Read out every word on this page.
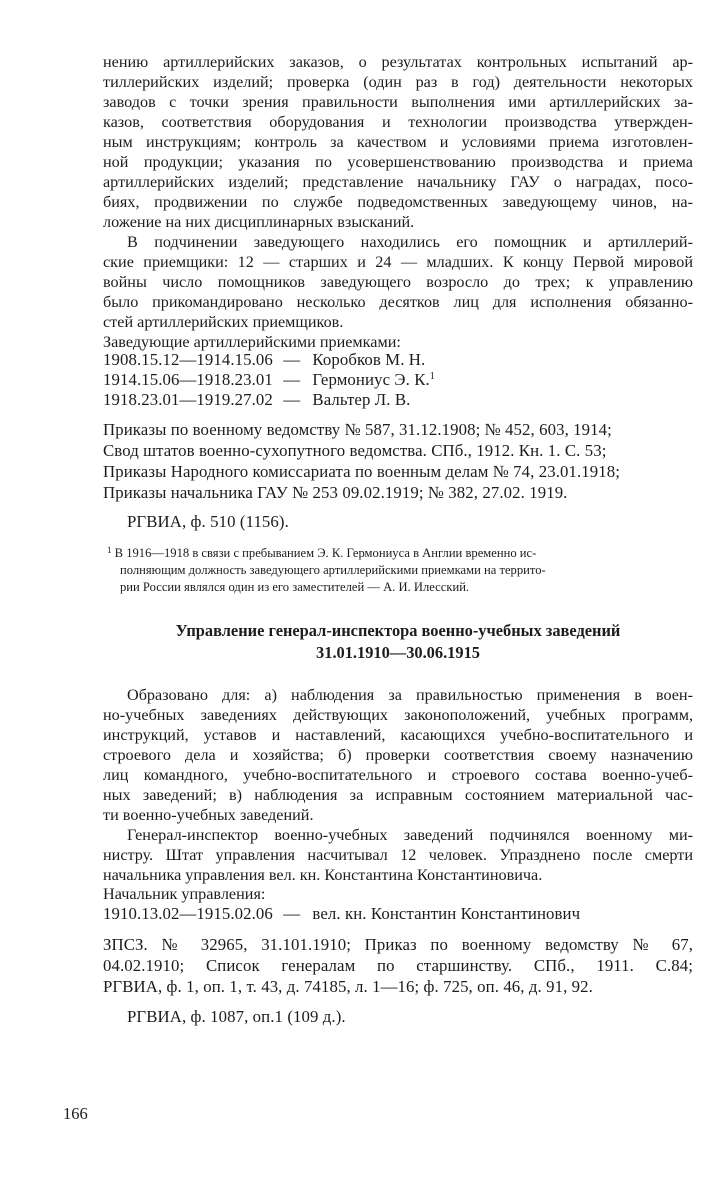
нению артиллерийских заказов, о результатах контрольных испытаний ар-
тиллерийских изделий; проверка (один раз в год) деятельности некоторых
заводов с точки зрения правильности выполнения ими артиллерийских за-
казов, соответствия оборудования и технологии производства утвержден-
ным инструкциям; контроль за качеством и условиями приема изготовлен-
ной продукции; указания по усовершенствованию производства и приема
артиллерийских изделий; представление начальнику ГАУ о наградах, посо-
биях, продвижении по службе подведомственных заведующему чинов, на-
ложение на них дисциплинарных взысканий.
В подчинении заведующего находились его помощник и артиллерий-
ские приемщики: 12 — старших и 24 — младших. К концу Первой мировой
войны число помощников заведующего возросло до трех; к управлению
было прикомандировано несколько десятков лиц для исполнения обязанно-
стей артиллерийских приемщиков.
Заведующие артиллерийскими приемками:
1908.15.12—1914.15.06 — Коробков М. Н.
1914.15.06—1918.23.01 — Гермониус Э. К.$^1$
1918.23.01—1919.27.02 — Вальтер Л. В.
Приказы по военному ведомству № 587, 31.12.1908; № 452, 603, 1914;
Свод штатов военно-сухопутного ведомства. СПб., 1912. Кн. 1. С. 53;
Приказы Народного комиссариата по военным делам № 74, 23.01.1918;
Приказы начальника ГАУ № 253 09.02.1919; № 382, 27.02. 1919.
РГВИА, ф. 510 (1156).
$^1$ В 1916—1918 в связи с пребыванием Э. К. Гермониуса в Англии временно ис-
полняющим должность заведующего артиллерийскими приемками на террито-
рии России являлся один из его заместителей — А. И. Илесский.
Управление генерал-инспектора военно-учебных заведений
31.01.1910—30.06.1915
Образовано для: а) наблюдения за правильностью применения в воен-
но-учебных заведениях действующих законоположений, учебных программ,
инструкций, уставов и наставлений, касающихся учебно-воспитательного и
строевого дела и хозяйства; б) проверки соответствия своему назначению
лиц командного, учебно-воспитательного и строевого состава военно-учеб-
ных заведений; в) наблюдения за исправным состоянием материальной час-
ти военно-учебных заведений.
Генерал-инспектор военно-учебных заведений подчинялся военному ми-
нистру. Штат управления насчитывал 12 человек. Упразднено после смерти
начальника управления вел. кн. Константина Константиновича.
Начальник управления:
1910.13.02—1915.02.06 — вел. кн. Константин Константинович
ЗПСЗ. № 32965, 31.101.1910; Приказ по военному ведомству № 67,
04.02.1910; Список генералам по старшинству. СПб., 1911. С.84;
РГВИА, ф. 1, оп. 1, т. 43, д. 74185, л. 1—16; ф. 725, оп. 46, д. 91, 92.
РГВИА, ф. 1087, оп.1 (109 д.).
166
